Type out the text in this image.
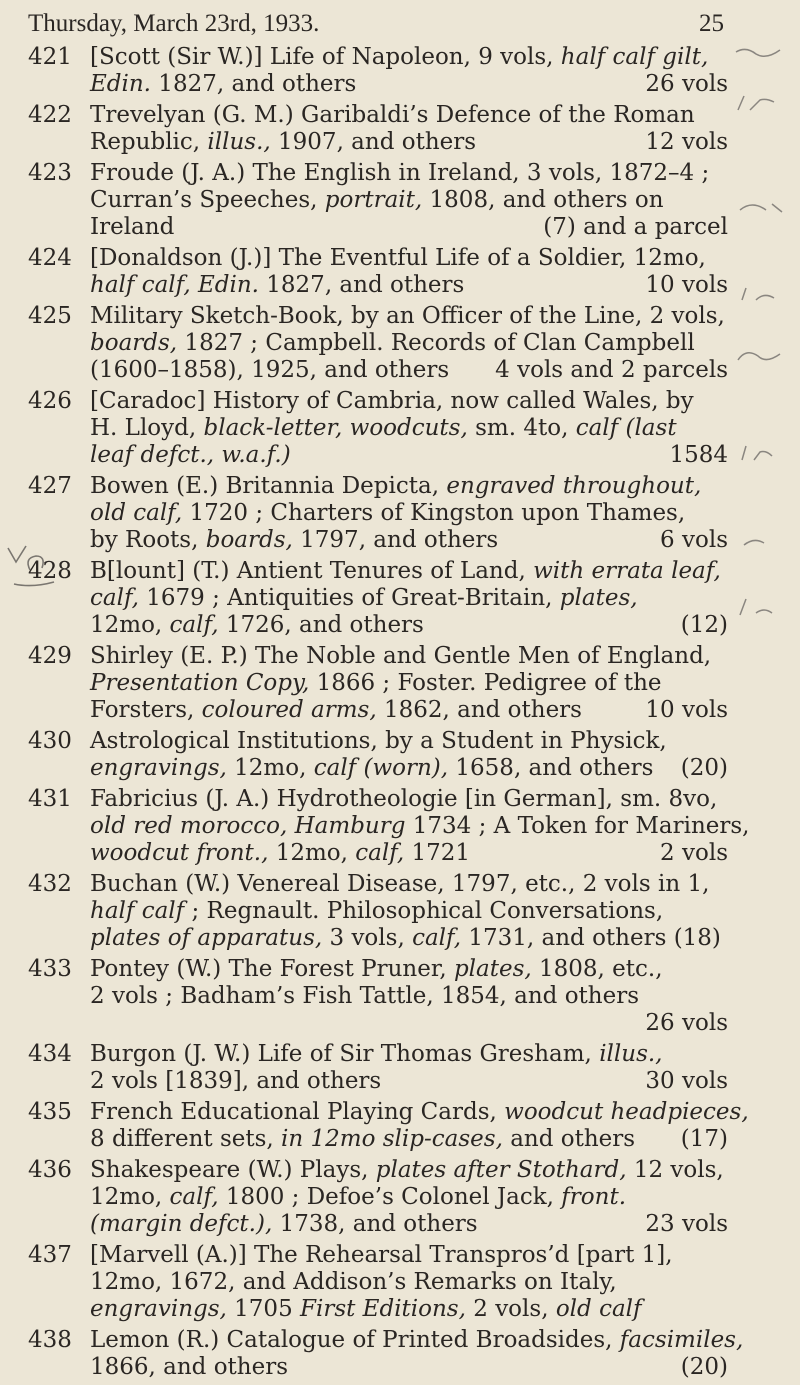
Thursday, March 23rd, 1933.	25
421 [Scott (Sir W.)] Life of Napoleon, 9 vols, half calf gilt,
26 vols
Edin. 1827, and others
422 Trevelyan (G. M.) Garibaldi’s Defence of the Roman
12 vols
Republic, illus., 1907, and others
423 Froude (J. A.) The English in Ireland, 3 vols, 1872–4 ;
Curran’s Speeches, portrait, 1808, and others on
(7) and a parcel
Ireland
424 [Donaldson (J.)] The Eventful Life of a Soldier, 12mo,
10 vols
half calf, Edin. 1827, and others
425 Military Sketch-Book, by an Officer of the Line, 2 vols,
boards, 1827 ; Campbell. Records of Clan Campbell
4 vols and 2 parcels
(1600–1858), 1925, and others
426 [Caradoc] History of Cambria, now called Wales, by
H. Lloyd, black-letter, woodcuts, sm. 4to, calf (last
1584
leaf defct., w.a.f.)
427 Bowen (E.) Britannia Depicta, engraved throughout,
old calf, 1720 ; Charters of Kingston upon Thames,
6 vols
by Roots, boards, 1797, and others
428 B[lount] (T.) Antient Tenures of Land, with errata leaf,
calf, 1679 ; Antiquities of Great-Britain, plates,
(12)
12mo, calf, 1726, and others
429 Shirley (E. P.) The Noble and Gentle Men of England,
Presentation Copy, 1866 ; Foster. Pedigree of the
10 vols
Forsters, coloured arms, 1862, and others
430 Astrological Institutions, by a Student in Physick,
(20)
engravings, 12mo, calf (worn), 1658, and others
431 Fabricius (J. A.) Hydrotheologie [in German], sm. 8vo,
old red morocco, Hamburg 1734 ; A Token for Mariners,
2 vols
woodcut front., 12mo, calf, 1721
432 Buchan (W.) Venereal Disease, 1797, etc., 2 vols in 1,
half calf ; Regnault. Philosophical Conversations,
plates of apparatus, 3 vols, calf, 1731, and others (18)
433 Pontey (W.) The Forest Pruner, plates, 1808, etc.,
2 vols ; Badham’s Fish Tattle, 1854, and others
26 vols
434 Burgon (J. W.) Life of Sir Thomas Gresham, illus.,
30 vols
2 vols [1839], and others
435 French Educational Playing Cards, woodcut headpieces,
(17)
8 different sets, in 12mo slip-cases, and others
436 Shakespeare (W.) Plays, plates after Stothard, 12 vols,
12mo, calf, 1800 ; Defoe’s Colonel Jack, front.
23 vols
(margin defct.), 1738, and others
437 [Marvell (A.)] The Rehearsal Transpros’d [part 1],
12mo, 1672, and Addison’s Remarks on Italy,
engravings, 1705 First Editions, 2 vols, old calf
438 Lemon (R.) Catalogue of Printed Broadsides, facsimiles,
(20)
1866, and others
